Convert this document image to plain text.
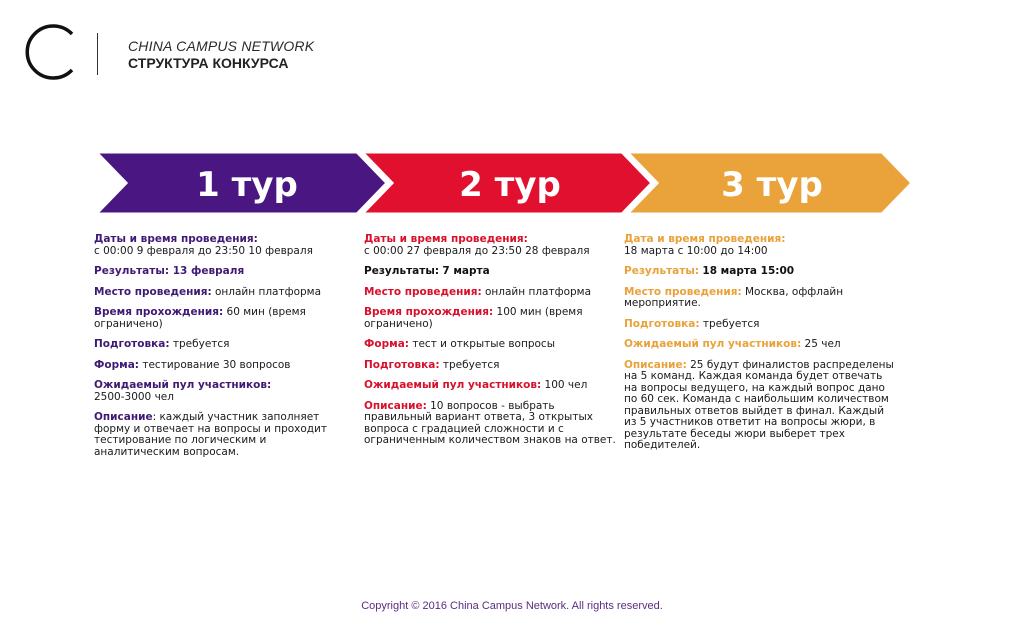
CHINA CAMPUS NETWORK
СТРУКТУРА КОНКУРСА
1 тур	2 тур	3 тур
Даты и время проведения:
с 00:00 9 февраля до 23:50 10 февраля
Результаты: 13 февраля
Место проведения: онлайн платформа
Время прохождения: 60 мин (время ограничено)
Подготовка: требуется
Форма: тестирование 30 вопросов
Ожидаемый пул участников:
2500-3000 чел
Описание: каждый участник заполняет форму и отвечает на вопросы и проходит тестирование по логическим и аналитическим вопросам.
Даты и время проведения:
с 00:00 27 февраля до 23:50 28 февраля
Результаты: 7 марта
Место проведения: онлайн платформа
Время прохождения: 100 мин (время ограничено)
Форма: тест и открытые вопросы
Подготовка: требуется
Ожидаемый пул участников: 100 чел
Описание: 10 вопросов - выбрать правильный вариант ответа, 3 открытых вопроса с градацией сложности и с ограниченным количеством знаков на ответ.
Дата и время проведения:
18 марта с 10:00 до 14:00
Результаты: 18 марта 15:00
Место проведения: Москва, оффлайн мероприятие.
Подготовка: требуется
Ожидаемый пул участников: 25 чел
Описание: 25 будут финалистов распределены на 5 команд. Каждая команда будет отвечать на вопросы ведущего, на каждый вопрос дано по 60 сек. Команда с наибольшим количеством правильных ответов выйдет в финал. Каждый из 5 участников ответит на вопросы жюри, в результате беседы жюри выберет трех победителей.
Copyright © 2016 China Campus Network. All rights reserved.
